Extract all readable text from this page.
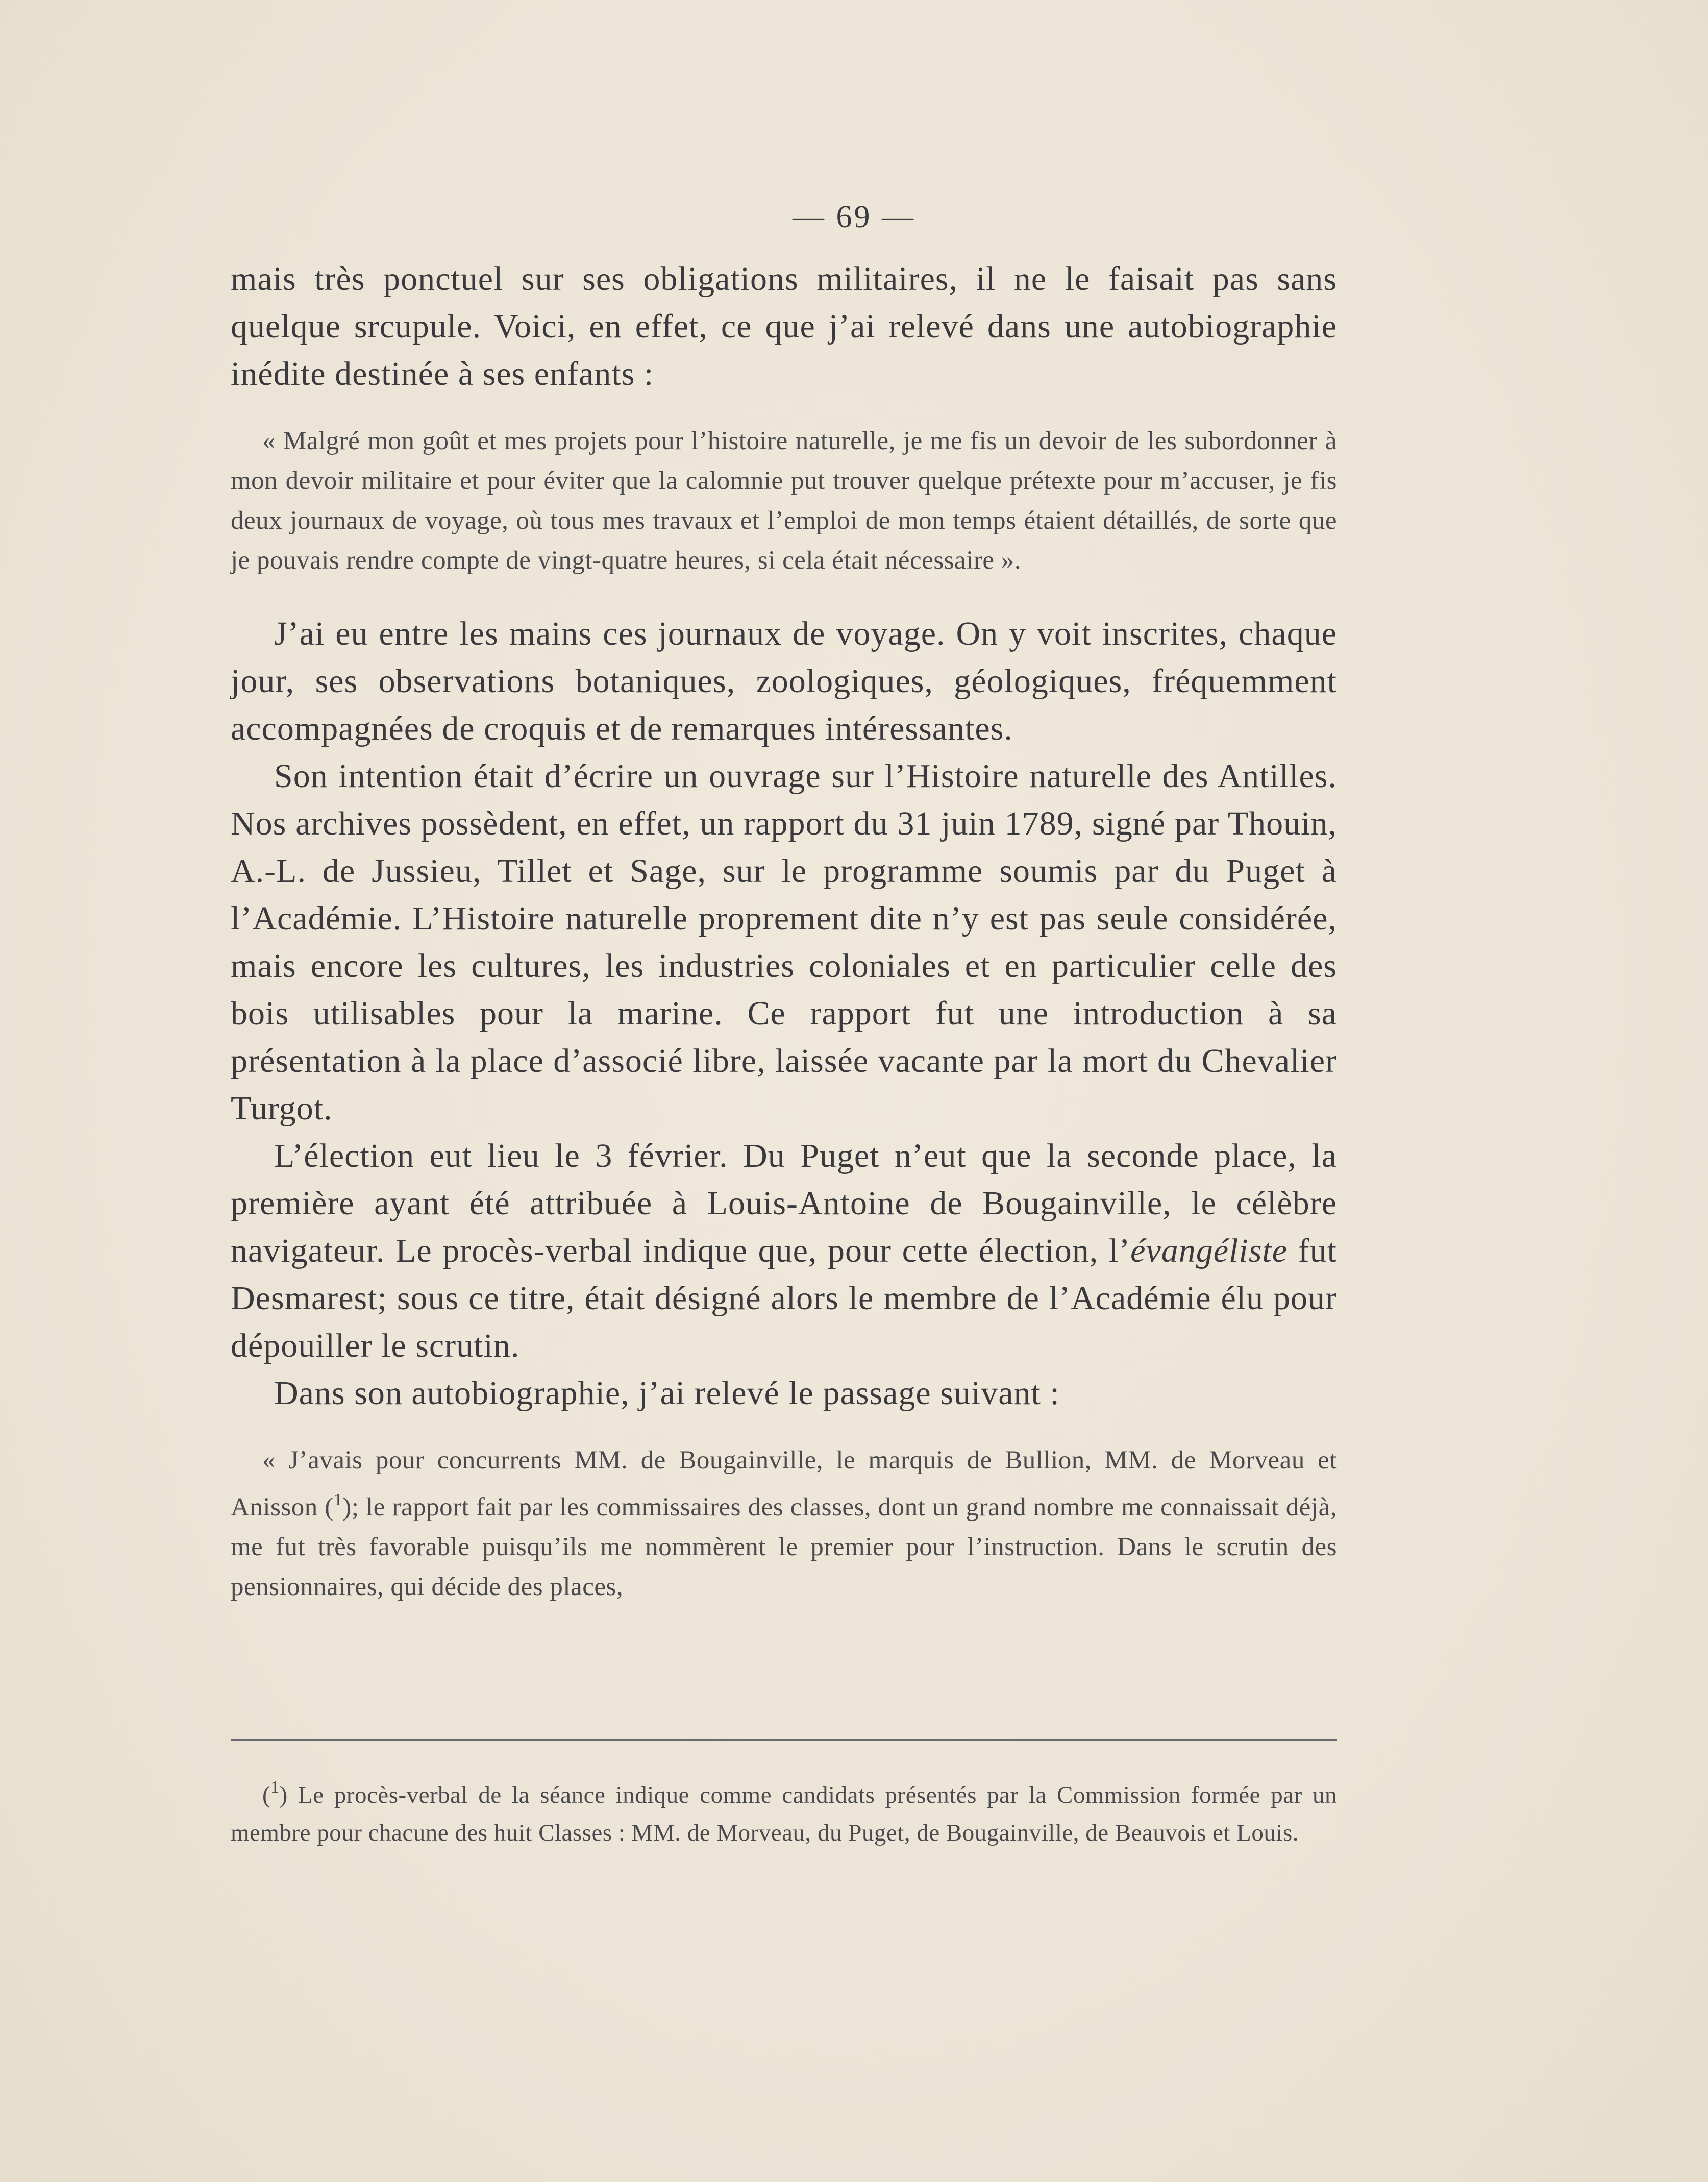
— 69 —

mais très ponctuel sur ses obligations militaires, il ne le faisait pas sans quelque srcupule. Voici, en effet, ce que j’ai relevé dans une autobiographie inédite destinée à ses enfants :

« Malgré mon goût et mes projets pour l’histoire naturelle, je me fis un devoir de les subordonner à mon devoir militaire et pour éviter que la calomnie put trouver quelque prétexte pour m’accuser, je fis deux journaux de voyage, où tous mes travaux et l’emploi de mon temps étaient détaillés, de sorte que je pouvais rendre compte de vingt-quatre heures, si cela était nécessaire ».

J’ai eu entre les mains ces journaux de voyage. On y voit inscrites, chaque jour, ses observations botaniques, zoologiques, géologiques, fréquemment accompagnées de croquis et de remarques intéressantes.

Son intention était d’écrire un ouvrage sur l’Histoire naturelle des Antilles. Nos archives possèdent, en effet, un rapport du 31 juin 1789, signé par Thouin, A.-L. de Jussieu, Tillet et Sage, sur le programme soumis par du Puget à l’Académie. L’Histoire naturelle proprement dite n’y est pas seule considérée, mais encore les cultures, les industries coloniales et en particulier celle des bois utilisables pour la marine. Ce rapport fut une introduction à sa présentation à la place d’associé libre, laissée vacante par la mort du Chevalier Turgot.

L’élection eut lieu le 3 février. Du Puget n’eut que la seconde place, la première ayant été attribuée à Louis-Antoine de Bougainville, le célèbre navigateur. Le procès-verbal indique que, pour cette élection, l’évangéliste fut Desmarest; sous ce titre, était désigné alors le membre de l’Académie élu pour dépouiller le scrutin.

Dans son autobiographie, j’ai relevé le passage suivant :

« J’avais pour concurrents MM. de Bougainville, le marquis de Bullion, MM. de Morveau et Anisson ($^1$); le rapport fait par les commissaires des classes, dont un grand nombre me connaissait déjà, me fut très favorable puisqu’ils me nommèrent le premier pour l’instruction. Dans le scrutin des pensionnaires, qui décide des places,

($^1$) Le procès-verbal de la séance indique comme candidats présentés par la Commission formée par un membre pour chacune des huit Classes : MM. de Morveau, du Puget, de Bougainville, de Beauvois et Louis.
